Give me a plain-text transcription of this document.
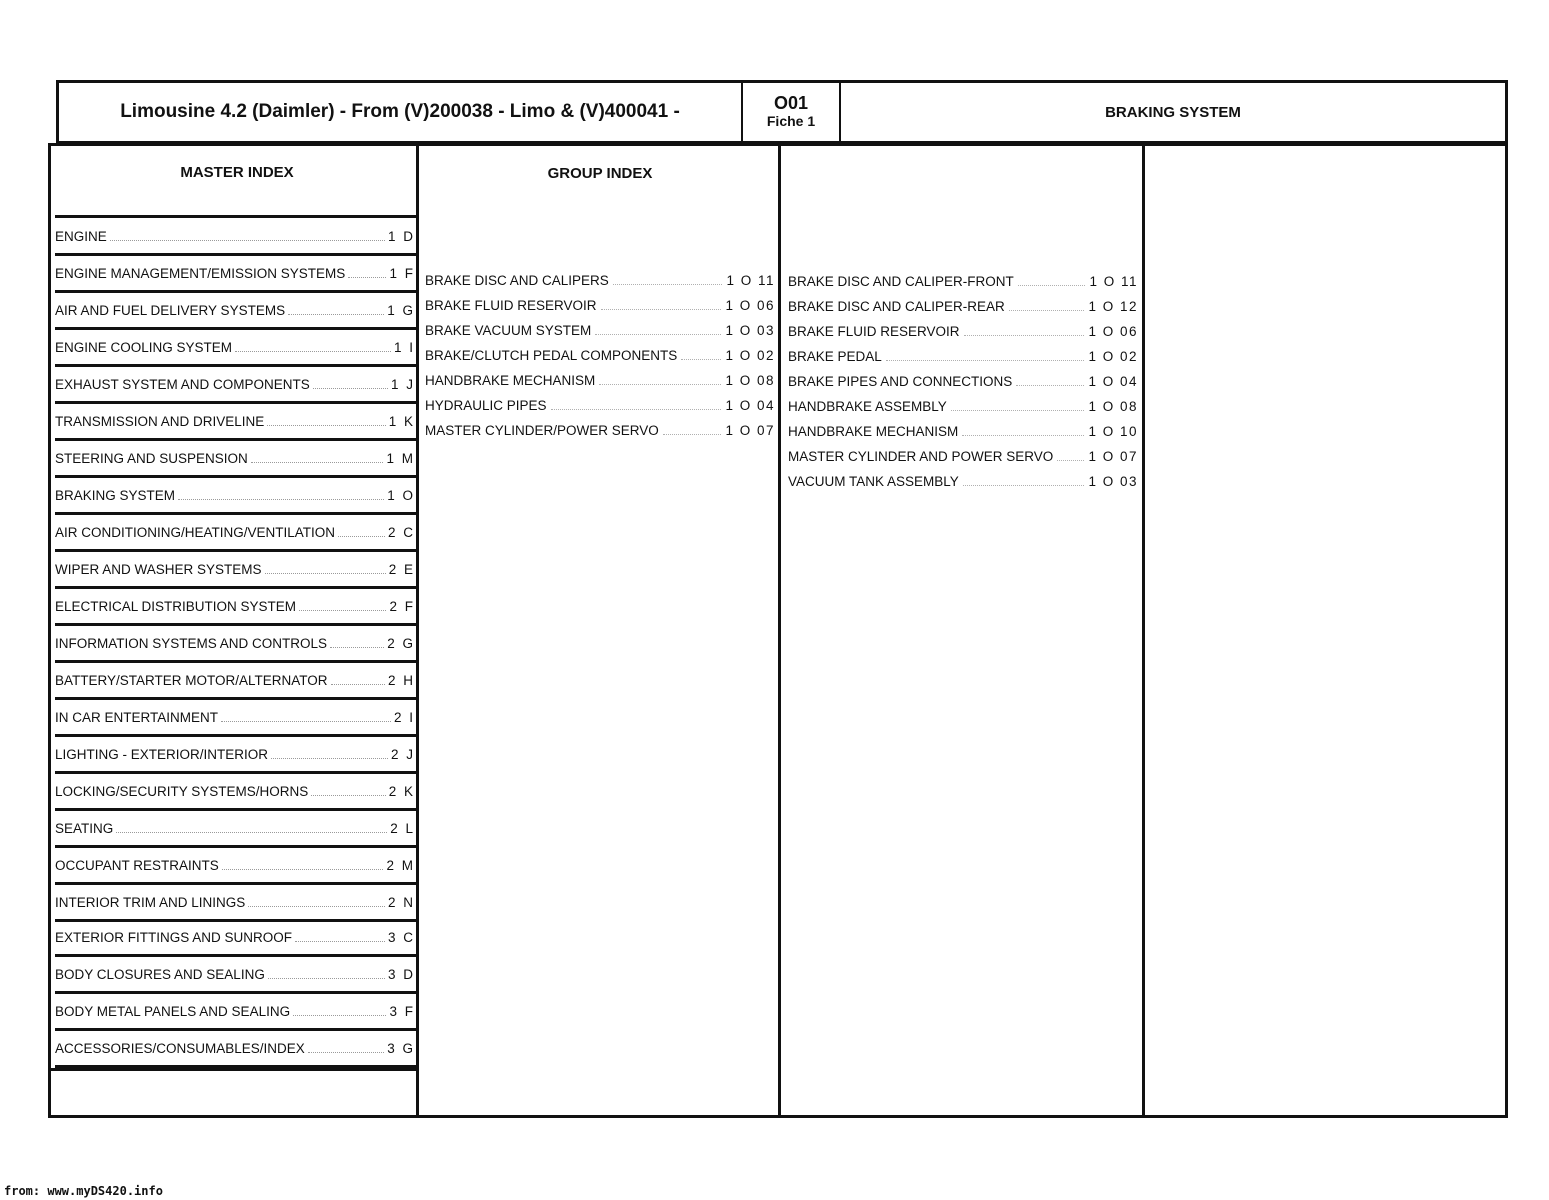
Limousine 4.2 (Daimler) - From (V)200038 - Limo & (V)400041 -	O01
Fiche 1
BRAKING SYSTEM
MASTER INDEX
ENGINE	1 D
ENGINE MANAGEMENT/EMISSION SYSTEMS	1 F
AIR AND FUEL DELIVERY SYSTEMS	1 G
ENGINE COOLING SYSTEM	1 I
EXHAUST SYSTEM AND COMPONENTS	1 J
TRANSMISSION AND DRIVELINE	1 K
STEERING AND SUSPENSION	1 M
BRAKING SYSTEM	1 O
AIR CONDITIONING/HEATING/VENTILATION	2 C
WIPER AND WASHER SYSTEMS	2 E
ELECTRICAL DISTRIBUTION SYSTEM	2 F
INFORMATION SYSTEMS AND CONTROLS	2 G
BATTERY/STARTER MOTOR/ALTERNATOR	2 H
IN CAR ENTERTAINMENT	2 I
LIGHTING - EXTERIOR/INTERIOR	2 J
LOCKING/SECURITY SYSTEMS/HORNS	2 K
SEATING	2 L
OCCUPANT RESTRAINTS	2 M
INTERIOR TRIM AND LININGS	2 N
EXTERIOR FITTINGS AND SUNROOF	3 C
BODY CLOSURES AND SEALING	3 D
BODY METAL PANELS AND SEALING	3 F
ACCESSORIES/CONSUMABLES/INDEX	3 G
GROUP INDEX
BRAKE DISC AND CALIPERS	1 O 11
BRAKE FLUID RESERVOIR	1 O 06
BRAKE VACUUM SYSTEM	1 O 03
BRAKE/CLUTCH PEDAL COMPONENTS	1 O 02
HANDBRAKE MECHANISM	1 O 08
HYDRAULIC PIPES	1 O 04
MASTER CYLINDER/POWER SERVO	1 O 07
BRAKE DISC AND CALIPER-FRONT	1 O 11
BRAKE DISC AND CALIPER-REAR	1 O 12
BRAKE FLUID RESERVOIR	1 O 06
BRAKE PEDAL	1 O 02
BRAKE PIPES AND CONNECTIONS	1 O 04
HANDBRAKE ASSEMBLY	1 O 08
HANDBRAKE MECHANISM	1 O 10
MASTER CYLINDER AND POWER SERVO	1 O 07
VACUUM TANK ASSEMBLY	1 O 03
from: www.myDS420.info
